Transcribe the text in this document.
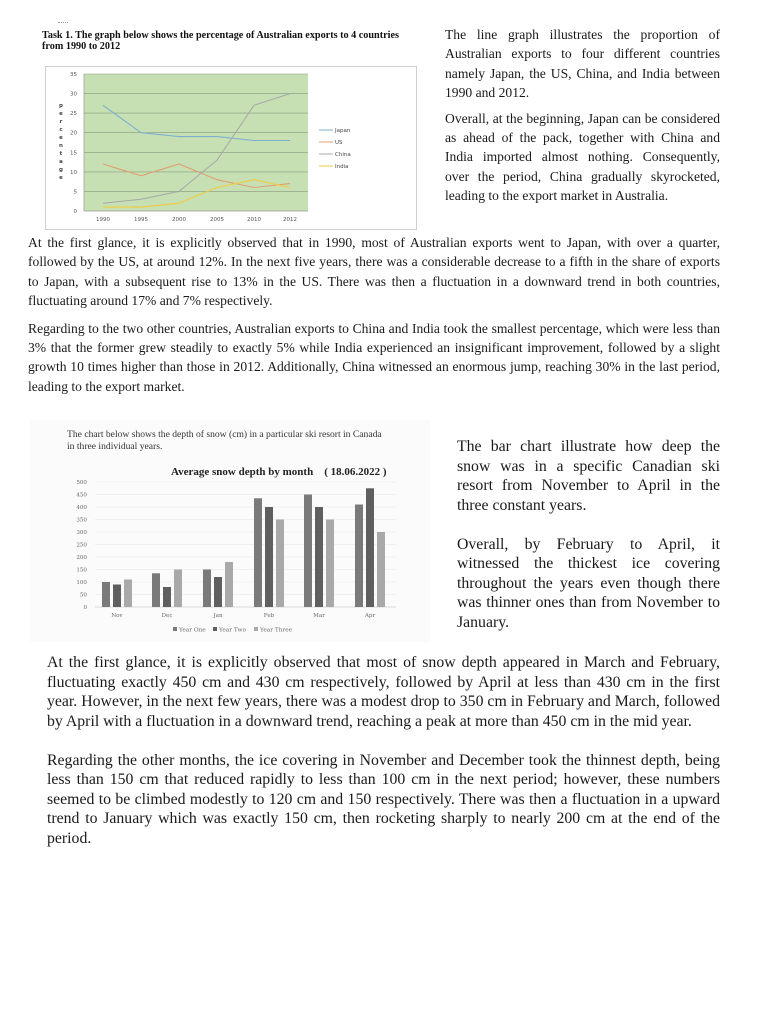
Task 1. The graph below shows the percentage of Australian exports to 4 countries
from 1990 to 2012
35
30
25
20
15
10
5
0
p
e
r
c
e
n
t
a
g
e
1990	1995	2000	2005	2010	2012
Japan
US
China
India

The line graph illustrates the proportion of Australian exports to four different countries namely Japan, the US, China, and India between 1990 and 2012.

Overall, at the beginning, Japan can be considered as ahead of the pack, together with China and India imported almost nothing. Consequently, over the period, China gradually skyrocketed, leading to the export market in Australia.

At the first glance, it is explicitly observed that in 1990, most of Australian exports went to Japan, with over a quarter, followed by the US, at around 12%. In the next five years, there was a considerable decrease to a fifth in the share of exports to Japan, with a subsequent rise to 13% in the US. There was then a fluctuation in a downward trend in both countries, fluctuating around 17% and 7% respectively.

Regarding to the two other countries, Australian exports to China and India took the smallest percentage, which were less than 3% that the former grew steadily to exactly 5% while India experienced an insignificant improvement, followed by a slight growth 10 times higher than those in 2012. Additionally, China witnessed an enormous jump, reaching 30% in the last period, leading to the export market.

The chart below shows the depth of snow (cm) in a particular ski resort in Canada
in three individual years.
Average snow depth by month    ( 18.06.2022 )
500
450
400
350
300
250
200
150
100
50
0
Nov	Dec	Jan	Feb	Mar	Apr
Year One Year Two Year Three

The bar chart illustrate how deep the snow was in a specific Canadian ski resort from November to April in the three constant years.

Overall, by February to April, it witnessed the thickest ice covering throughout the years even though there was thinner ones than from November to January.

At the first glance, it is explicitly observed that most of snow depth appeared in March and February, fluctuating exactly 450 cm and 430 cm respectively, followed by April at less than 430 cm in the first year. However, in the next few years, there was a modest drop to 350 cm in February and March, followed by April with a fluctuation in a downward trend, reaching a peak at more than 450 cm in the mid year.

Regarding the other months, the ice covering in November and December took the thinnest depth, being less than 150 cm that reduced rapidly to less than 100 cm in the next period; however, these numbers seemed to be climbed modestly to 120 cm and 150 respectively. There was then a fluctuation in a upward trend to January which was exactly 150 cm, then rocketing sharply to nearly 200 cm at the end of the period.
